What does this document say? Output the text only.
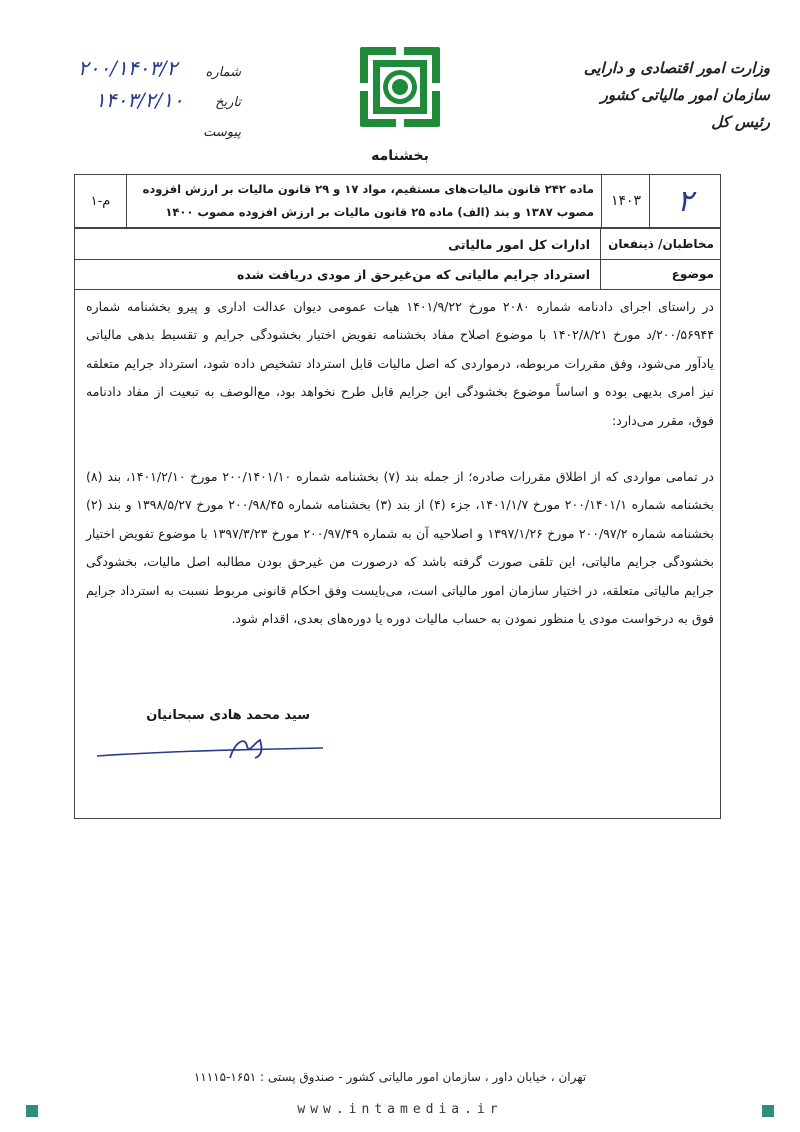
وزارت امور اقتصادی و دارایی
سازمان امور مالیاتی کشور
رئیس کل
بخشنامه
شماره
تاریخ
پیوست
۲۰۰/۱۴۰۳/۲
۱۴۰۳/۲/۱۰
۲
۱۴۰۳
ماده ۲۴۲ قانون مالیات‌های مستقیم، مواد ۱۷ و ۲۹ قانون مالیات بر ارزش افزوده
مصوب ۱۳۸۷ و بند (الف) ماده ۲۵ قانون مالیات بر ارزش افزوده مصوب ۱۴۰۰
م-۱
مخاطبان/ ذینفعان
ادارات کل امور مالیاتی
موضوع
استرداد جرایم مالیاتی که من‌غیرحق از مودی دریافت شده
در راستای اجرای دادنامه شماره ۲۰۸۰ مورخ ۱۴۰۱/۹/۲۲ هیات عمومی دیوان عدالت اداری و پیرو بخشنامه شماره ۲۰۰/۵۶۹۴۴/د مورخ ۱۴۰۲/۸/۲۱ با موضوع اصلاح مفاد بخشنامه تفویض اختیار بخشودگی جرایم و تقسیط بدهی مالیاتی یادآور می‌شود، وفق مقررات مربوطه، درمواردی که اصل مالیات قابل استرداد تشخیص داده شود، استرداد جرایم متعلقه نیز امری بدیهی بوده و اساساً موضوع بخشودگی این جرایم قابل طرح نخواهد بود، مع‌الوصف به تبعیت از مفاد دادنامه فوق، مقرر می‌دارد:
در تمامی مواردی که از اطلاق مقررات صادره؛ از جمله بند (۷) بخشنامه شماره ۲۰۰/۱۴۰۱/۱۰ مورخ ۱۴۰۱/۲/۱۰، بند (۸) بخشنامه شماره ۲۰۰/۱۴۰۱/۱ مورخ ۱۴۰۱/۱/۷، جزء (۴) از بند (۳) بخشنامه شماره ۲۰۰/۹۸/۴۵ مورخ ۱۳۹۸/۵/۲۷ و بند (۲) بخشنامه شماره ۲۰۰/۹۷/۲ مورخ ۱۳۹۷/۱/۲۶ و اصلاحیه آن به شماره ۲۰۰/۹۷/۴۹ مورخ ۱۳۹۷/۳/۲۳ با موضوع تفویض اختیار بخشودگی جرایم مالیاتی، این تلقی صورت گرفته باشد که درصورت من غیرحق بودن مطالبه اصل مالیات، بخشودگی جرایم مالیاتی متعلقه، در اختیار سازمان امور مالیاتی است، می‌بایست وفق احکام قانونی مربوط نسبت به استرداد جرایم فوق به درخواست مودی یا منظور نمودن به حساب مالیات دوره یا دوره‌های بعدی، اقدام شود.
سید محمد هادی سبحانیان
تهران ، خیابان داور ، سازمان امور مالیاتی کشور - صندوق پستی : ۱۶۵۱-۱۱۱۱۵
www.intamedia.ir
